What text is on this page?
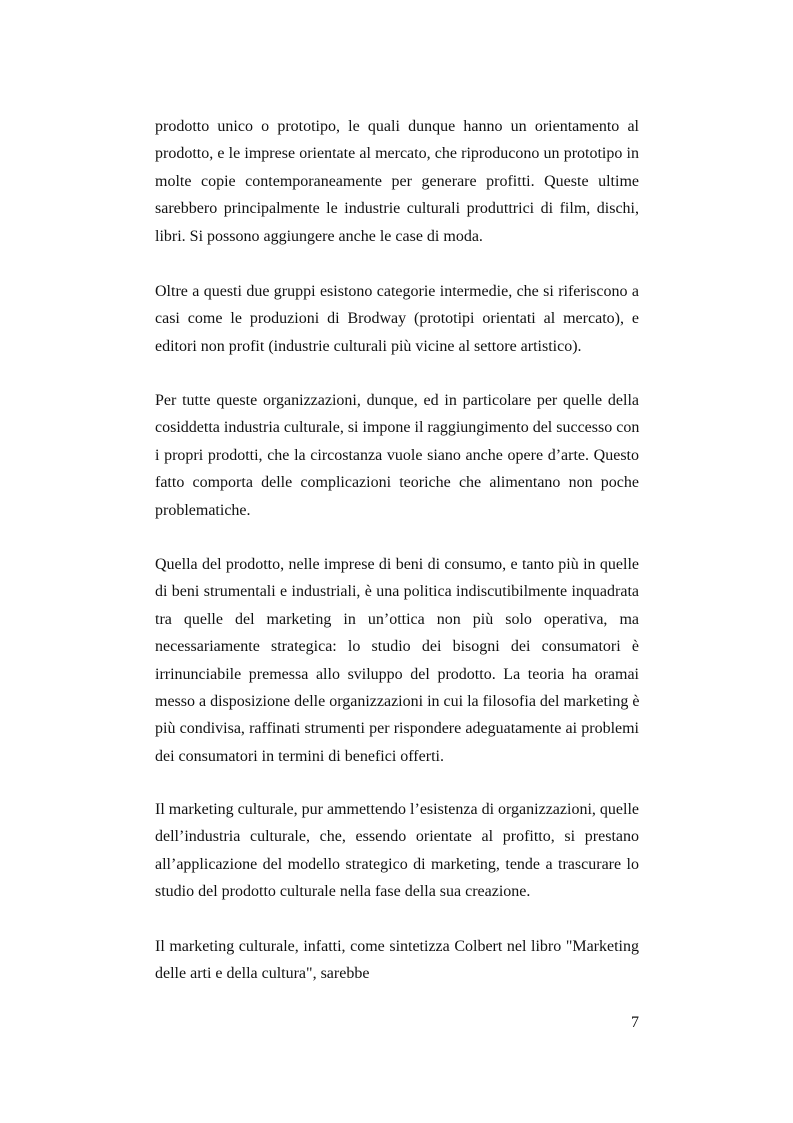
prodotto unico o prototipo, le quali dunque hanno un orientamento al
prodotto, e le imprese orientate al mercato, che riproducono un prototipo in
molte copie contemporaneamente per generare profitti. Queste ultime
sarebbero principalmente le industrie culturali produttrici di film, dischi,
libri. Si possono aggiungere anche le case di moda.

Oltre a questi due gruppi esistono categorie intermedie, che si riferiscono a
casi come le produzioni di Brodway (prototipi orientati al mercato), e
editori non profit (industrie culturali più vicine al settore artistico).

Per tutte queste organizzazioni, dunque, ed in particolare per quelle della
cosiddetta industria culturale, si impone il raggiungimento del successo con
i propri prodotti, che la circostanza vuole siano anche opere d’arte. Questo
fatto comporta delle complicazioni teoriche che alimentano non poche
problematiche.

Quella del prodotto, nelle imprese di beni di consumo, e tanto più in quelle
di beni strumentali e industriali, è una politica indiscutibilmente inquadrata
tra quelle del marketing in un’ottica non più solo operativa, ma
necessariamente strategica: lo studio dei bisogni dei consumatori è
irrinunciabile premessa allo sviluppo del prodotto. La teoria ha oramai
messo a disposizione delle organizzazioni in cui la filosofia del marketing è
più condivisa, raffinati strumenti per rispondere adeguatamente ai problemi
dei consumatori in termini di benefici offerti.

Il marketing culturale, pur ammettendo l’esistenza di organizzazioni, quelle
dell’industria culturale, che, essendo orientate al profitto, si prestano
all’applicazione del modello strategico di marketing, tende a trascurare lo
studio del prodotto culturale nella fase della sua creazione.

Il marketing culturale, infatti, come sintetizza Colbert nel libro "Marketing
delle arti e della cultura", sarebbe

7
